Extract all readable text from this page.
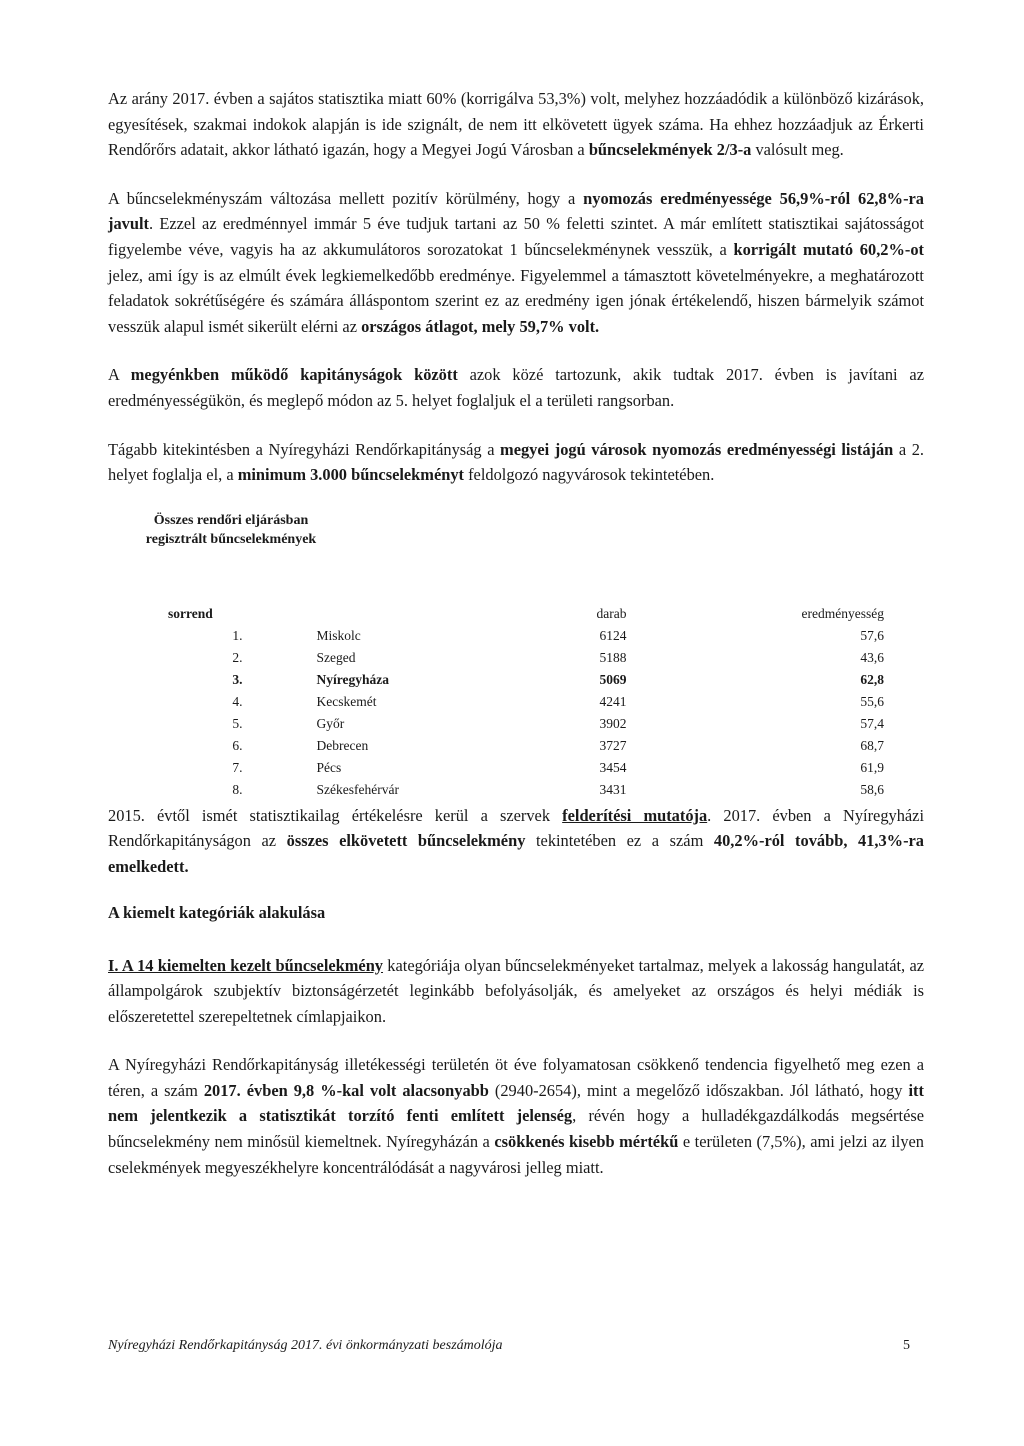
Az arány 2017. évben a sajátos statisztika miatt 60% (korrigálva 53,3%) volt, melyhez hozzáadódik a különböző kizárások, egyesítések, szakmai indokok alapján is ide szignált, de nem itt elkövetett ügyek száma. Ha ehhez hozzáadjuk az Érkerti Rendőrőrs adatait, akkor látható igazán, hogy a Megyei Jogú Városban a bűncselekmények 2/3-a valósult meg.

A bűncselekményszám változása mellett pozitív körülmény, hogy a nyomozás eredményessége 56,9%-ról 62,8%-ra javult. Ezzel az eredménnyel immár 5 éve tudjuk tartani az 50 % feletti szintet. A már említett statisztikai sajátosságot figyelembe véve, vagyis ha az akkumulátoros sorozatokat 1 bűncselekménynek vesszük, a korrigált mutató 60,2%-ot jelez, ami így is az elmúlt évek legkiemelkedőbb eredménye. Figyelemmel a támasztott követelményekre, a meghatározott feladatok sokrétűségére és számára álláspontom szerint ez az eredmény igen jónak értékelendő, hiszen bármelyik számot vesszük alapul ismét sikerült elérni az országos átlagot, mely 59,7% volt.

A megyénkben működő kapitányságok között azok közé tartozunk, akik tudtak 2017. évben is javítani az eredményességükön, és meglepő módon az 5. helyet foglaljuk el a területi rangsorban.

Tágabb kitekintésben a Nyíregyházi Rendőrkapitányság a megyei jogú városok nyomozás eredményességi listáján a 2. helyet foglalja el, a minimum 3.000 bűncselekményt feldolgozó nagyvárosok tekintetében.

Összes rendőri eljárásban regisztrált bűncselekmények
sorrend		darab	eredményesség
1.	Miskolc	6124	57,6
2.	Szeged	5188	43,6
3.	Nyíregyháza	5069	62,8
4.	Kecskemét	4241	55,6
5.	Győr	3902	57,4
6.	Debrecen	3727	68,7
7.	Pécs	3454	61,9
8.	Székesfehérvár	3431	58,6

2015. évtől ismét statisztikailag értékelésre kerül a szervek felderítési mutatója. 2017. évben a Nyíregyházi Rendőrkapitányságon az összes elkövetett bűncselekmény tekintetében ez a szám 40,2%-ról tovább, 41,3%-ra emelkedett.

A kiemelt kategóriák alakulása

I. A 14 kiemelten kezelt bűncselekmény kategóriája olyan bűncselekményeket tartalmaz, melyek a lakosság hangulatát, az állampolgárok szubjektív biztonságérzetét leginkább befolyásolják, és amelyeket az országos és helyi médiák is előszeretettel szerepeltetnek címlapjaikon.

A Nyíregyházi Rendőrkapitányság illetékességi területén öt éve folyamatosan csökkenő tendencia figyelhető meg ezen a téren, a szám 2017. évben 9,8 %-kal volt alacsonyabb (2940-2654), mint a megelőző időszakban. Jól látható, hogy itt nem jelentkezik a statisztikát torzító fenti említett jelenség, révén hogy a hulladékgazdálkodás megsértése bűncselekmény nem minősül kiemeltnek. Nyíregyházán a csökkenés kisebb mértékű e területen (7,5%), ami jelzi az ilyen cselekmények megyeszékhelyre koncentrálódását a nagyvárosi jelleg miatt.

Nyíregyházi Rendőrkapitányság 2017. évi önkormányzati beszámolója	5
